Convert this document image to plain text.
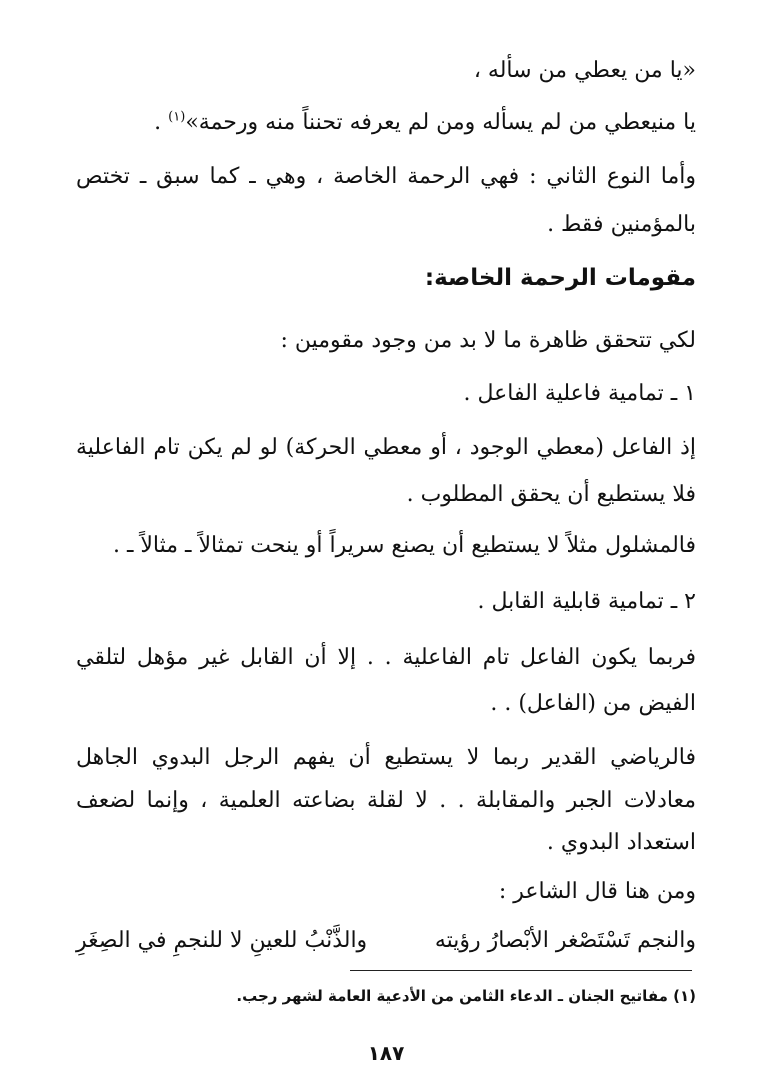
«يا من يعطي من سأله ،
يا منيعطي من لم يسأله ومن لم يعرفه تحنناً منه ورحمة»$^{(١)}$ .
وأما النوع الثاني : فهي الرحمة الخاصة ، وهي ـ كما سبق ـ تختص
بالمؤمنين فقط .
مقومات الرحمة الخاصة:
لكي تتحقق ظاهرة ما لا بد من وجود مقومين :
١ ـ تمامية فاعلية الفاعل .
إذ الفاعل (معطي الوجود ، أو معطي الحركة) لو لم يكن تام الفاعلية
فلا يستطيع أن يحقق المطلوب .
فالمشلول مثلاً لا يستطيع أن يصنع سريراً أو ينحت تمثالاً ـ مثالاً ـ .
٢ ـ تمامية قابلية القابل .
فربما يكون الفاعل تام الفاعلية . . إلا أن القابل غير مؤهل لتلقي
الفيض من (الفاعل) . .
فالرياضي القدير ربما لا يستطيع أن يفهم الرجل البدوي الجاهل
معادلات الجبر والمقابلة . . لا لقلة بضاعته العلمية ، وإنما لضعف
استعداد البدوي .
ومن هنا قال الشاعر :
والنجم تَسْتَصْغر الأبْصارُ رؤيته
والذَّنْبُ للعينِ لا للنجمِ في الصِغَرِ
(١) مفاتيح الجنان ـ الدعاء الثامن من الأدعية العامة لشهر رجب.
١٨٧
